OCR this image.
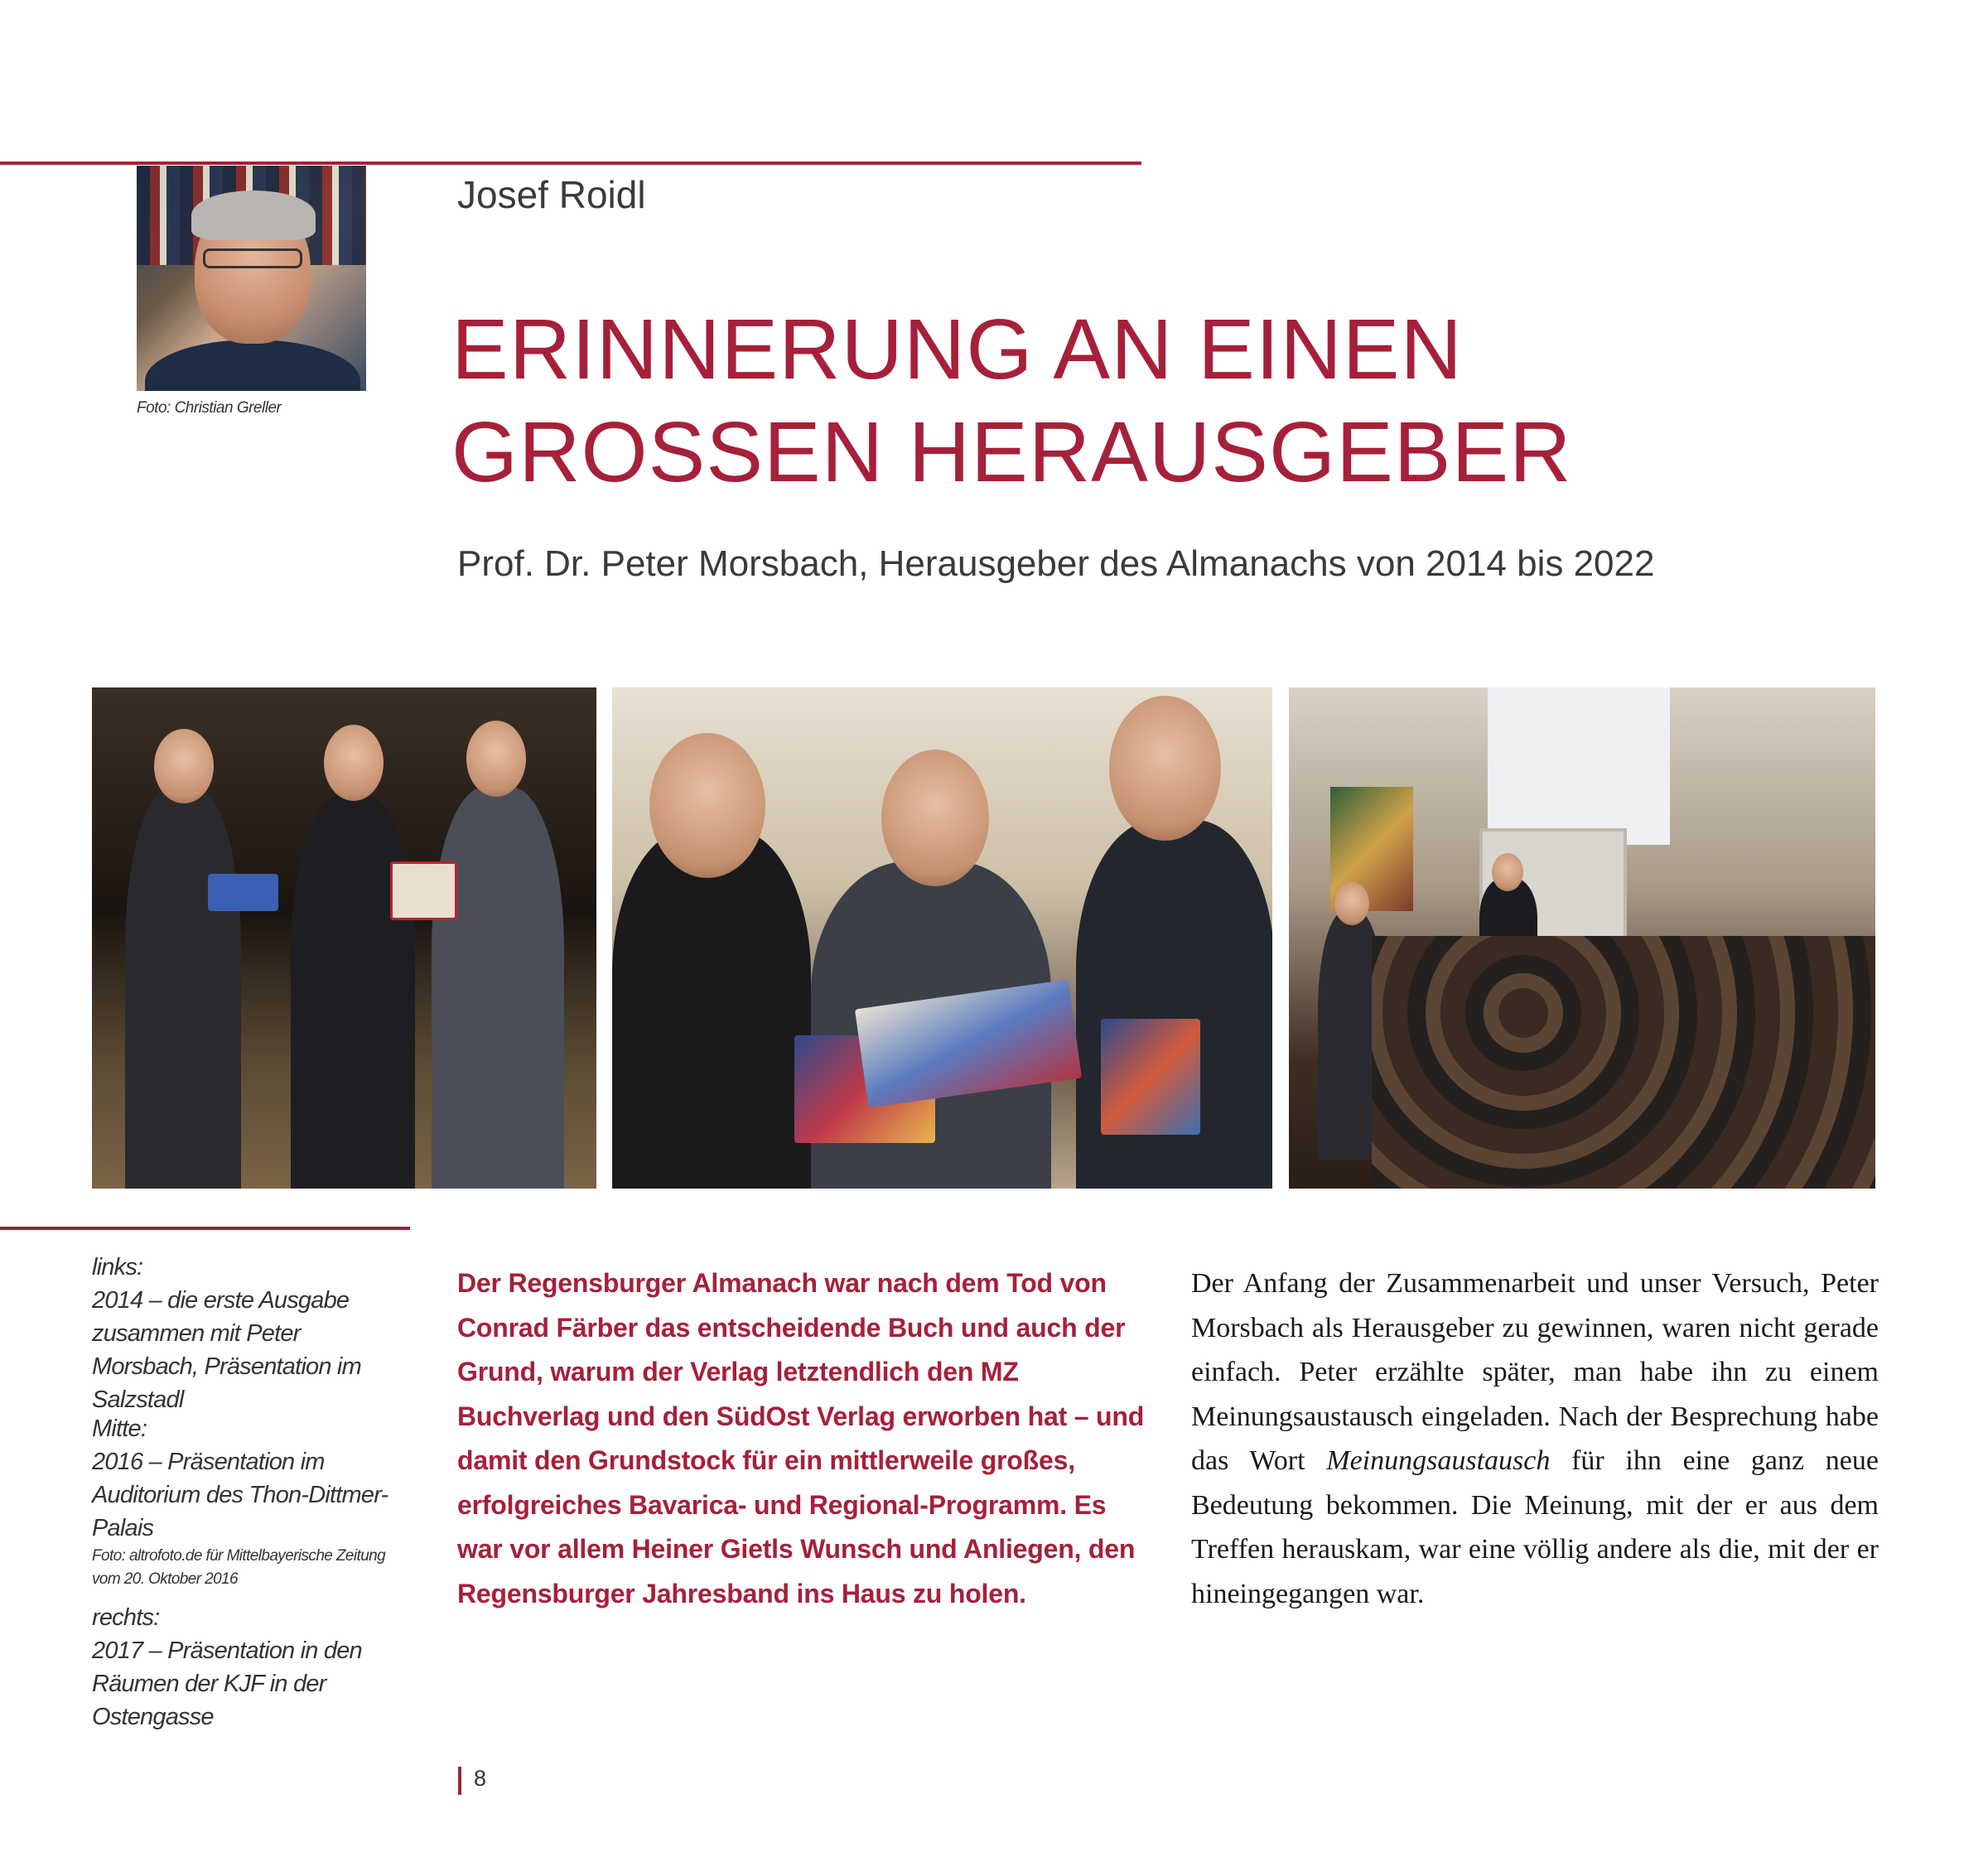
Foto: Christian Greller
Josef Roidl
ERINNERUNG AN EINEN
GROSSEN HERAUSGEBER
Prof. Dr. Peter Morsbach, Herausgeber des Almanachs von 2014 bis 2022

links:

2014 – die erste Ausgabe zusammen mit Peter Morsbach, Präsentation im Salzstadl

Mitte:

2016 – Präsentation im Auditorium des Thon-Dittmer-Palais

Foto: altrofoto.de für Mittelbayerische Zeitung vom 20. Oktober 2016

rechts:

2017 – Präsentation in den Räumen der KJF in der Ostengasse

Der Regensburger Almanach war nach dem Tod von Conrad Färber das entscheidende Buch und auch der Grund, warum der Verlag letztendlich den MZ Buchverlag und den SüdOst Verlag erworben hat – und damit den Grundstock für ein mittlerweile großes, erfolgreiches Bavarica- und Regional-Programm. Es war vor allem Heiner Gietls Wunsch und Anliegen, den Regensburger Jahresband ins Haus zu holen.

Der Anfang der Zusammenarbeit und unser Versuch, Peter Morsbach als Herausgeber zu gewinnen, waren nicht gerade einfach. Peter erzählte später, man habe ihn zu einem Meinungsaustausch eingeladen. Nach der Besprechung habe das Wort Meinungsaustausch für ihn eine ganz neue Bedeutung bekommen. Die Meinung, mit der er aus dem Treffen herauskam, war eine völlig andere als die, mit der er hineingegangen war.

8
